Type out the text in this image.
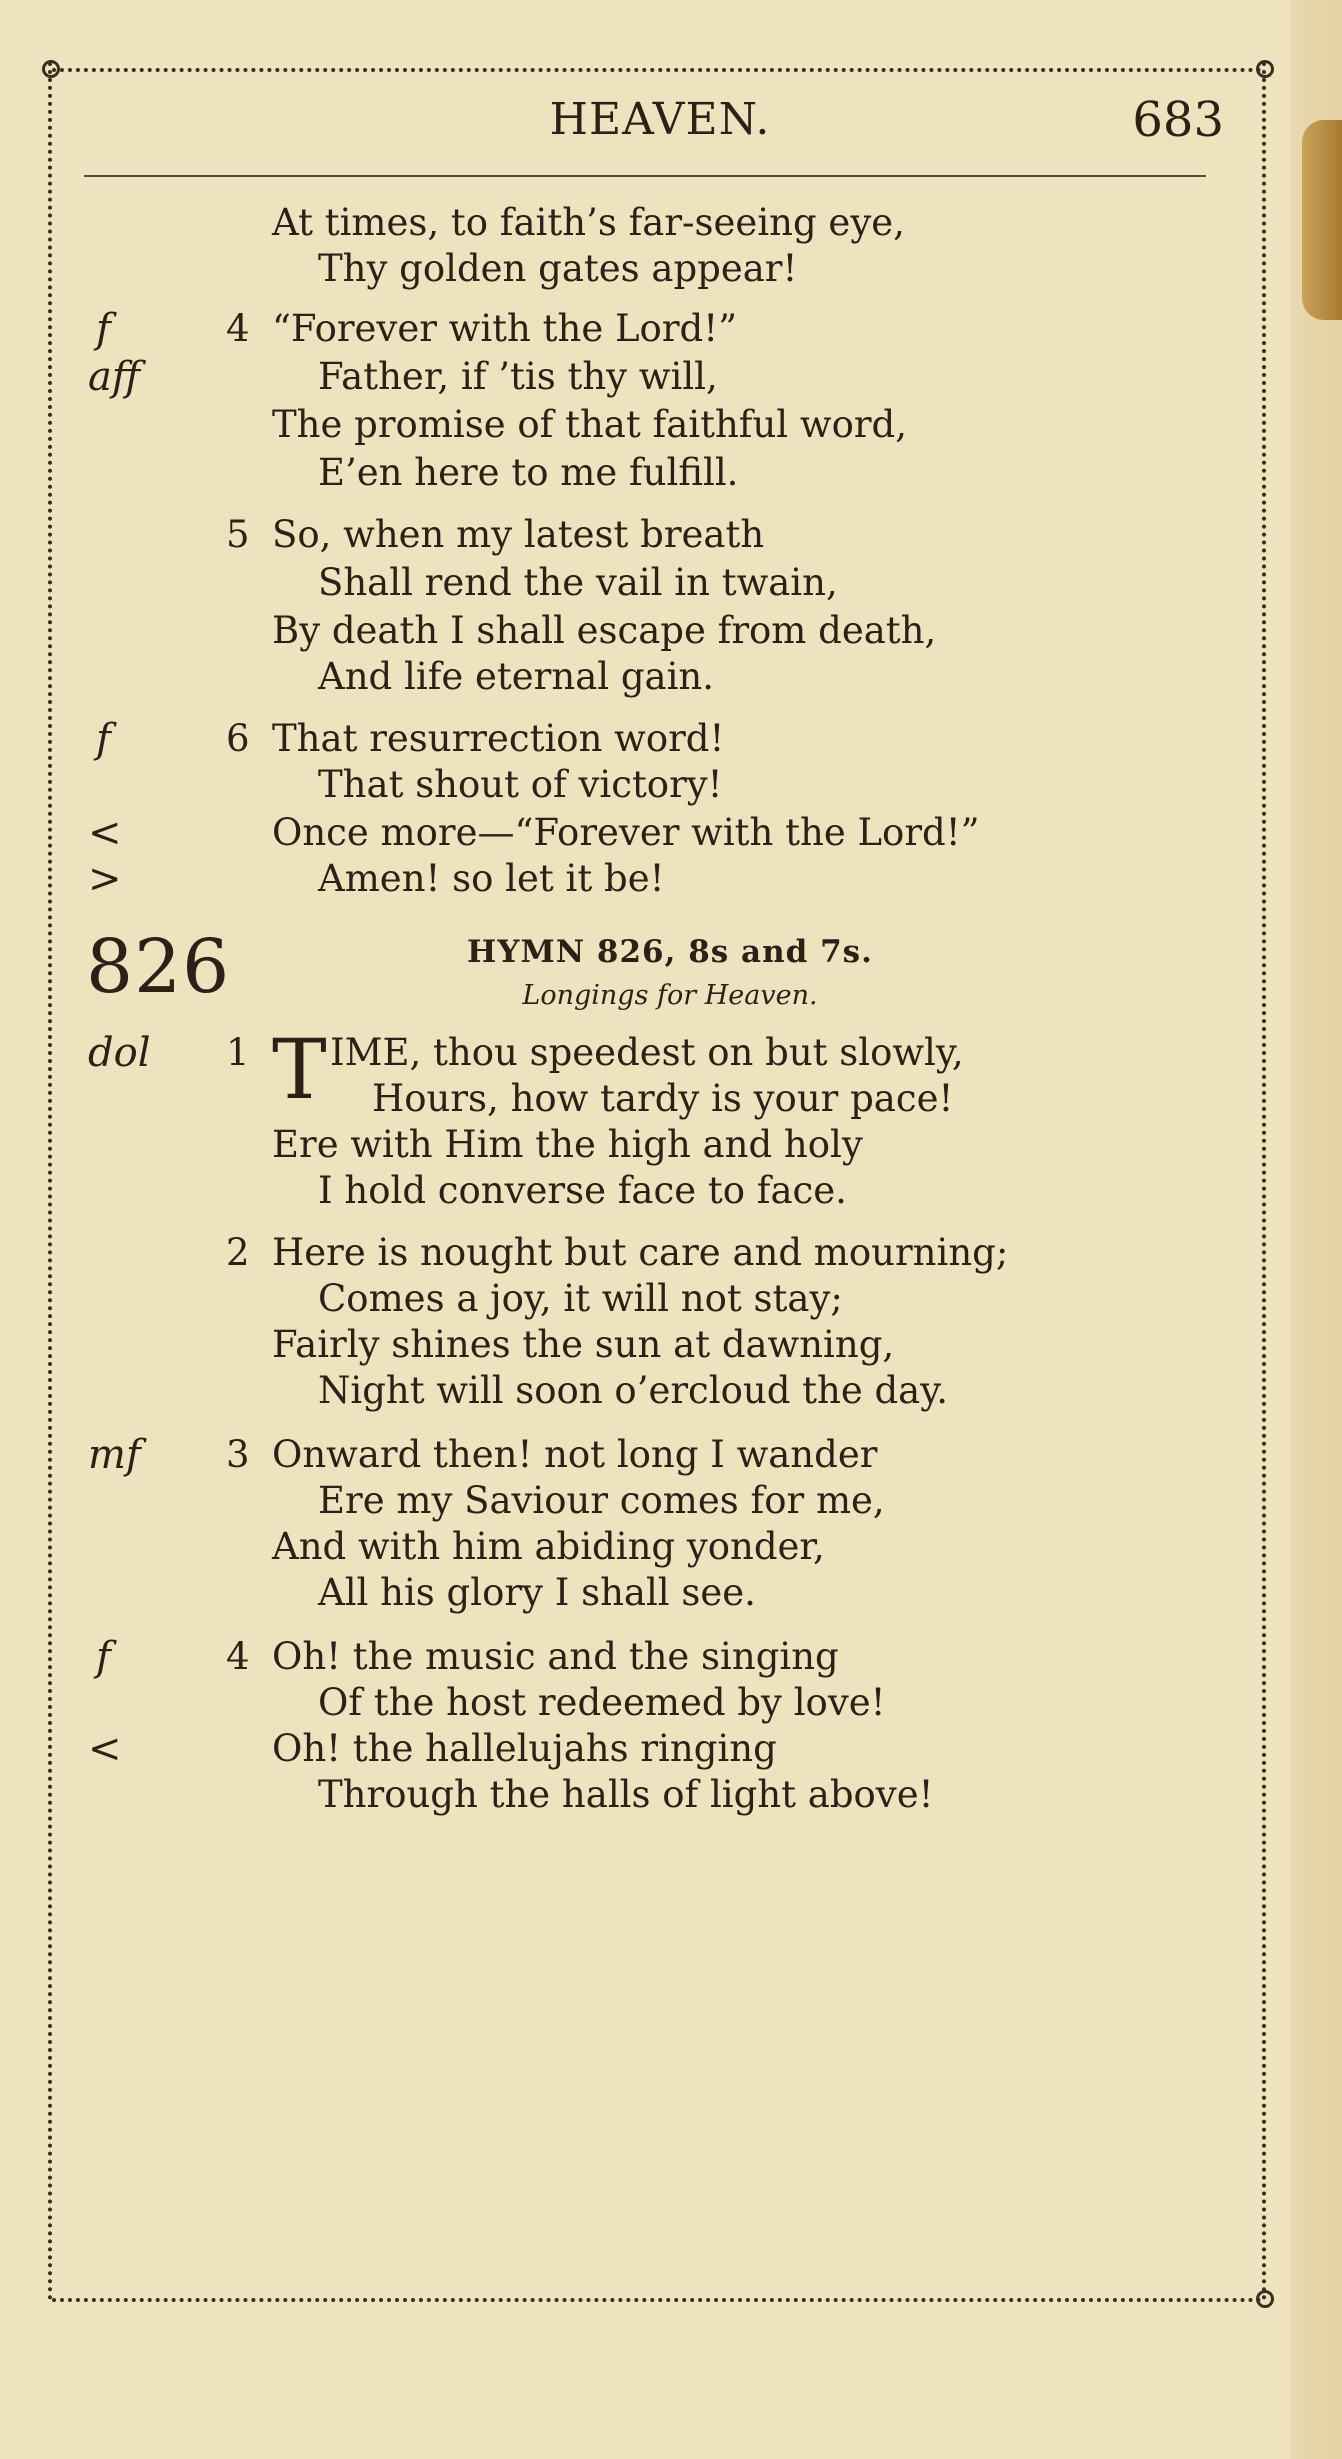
HEAVEN.	683
At times, to faith’s far-seeing eye,
Thy golden gates appear!
f
aff
4 “Forever with the Lord!”
Father, if ’tis thy will,
The promise of that faithful word,
E’en here to me fulfill.
5 So, when my latest breath
Shall rend the vail in twain,
By death I shall escape from death,
And life eternal gain.
f
<
>
6 That resurrection word!
That shout of victory!
Once more—“Forever with the Lord!”
Amen! so let it be!
826	HYMN 826, 8s and 7s.
Longings for Heaven.
dol 1 T IME, thou speedest on but slowly,
Hours, how tardy is your pace!
Ere with Him the high and holy
I hold converse face to face.
2 Here is nought but care and mourning;
Comes a joy, it will not stay;
Fairly shines the sun at dawning,
Night will soon o’ercloud the day.
mf 3 Onward then! not long I wander
Ere my Saviour comes for me,
And with him abiding yonder,
All his glory I shall see.
f
<
4 Oh! the music and the singing
Of the host redeemed by love!
Oh! the hallelujahs ringing
Through the halls of light above!
